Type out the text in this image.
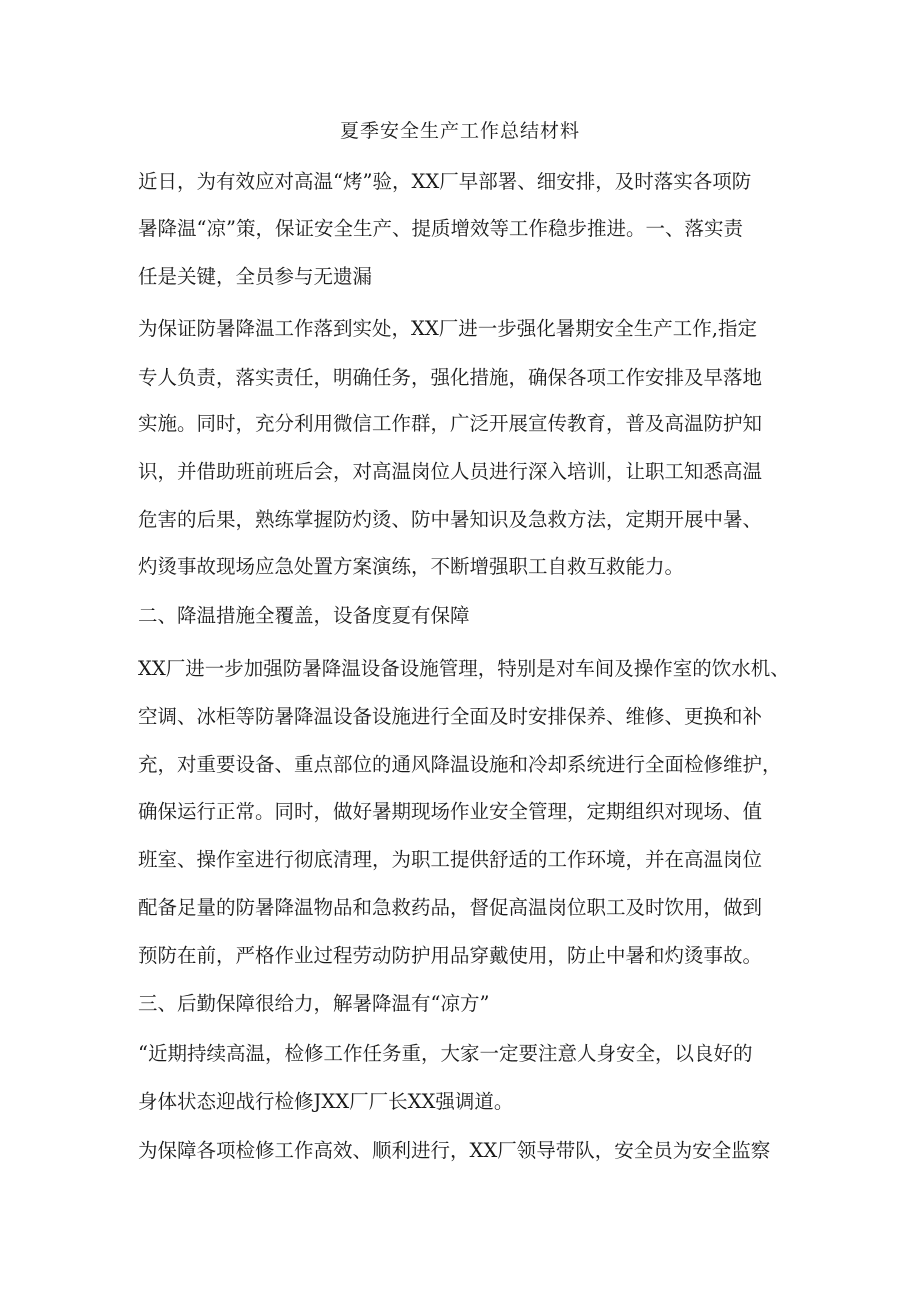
夏季安全生产工作总结材料
近日，为有效应对高温“烤”验，XX厂早部署、细安排，及时落实各项防
暑降温“凉”策，保证安全生产、提质增效等工作稳步推进。一、落实责
任是关键，全员参与无遗漏
为保证防暑降温工作落到实处，XX厂进一步强化暑期安全生产工作,指定
专人负责，落实责任，明确任务，强化措施，确保各项工作安排及早落地
实施。同时，充分利用微信工作群，广泛开展宣传教育，普及高温防护知
识，并借助班前班后会，对高温岗位人员进行深入培训，让职工知悉高温
危害的后果，熟练掌握防灼烫、防中暑知识及急救方法，定期开展中暑、
灼烫事故现场应急处置方案演练，不断增强职工自救互救能力。
二、降温措施全覆盖，设备度夏有保障
XX厂进一步加强防暑降温设备设施管理，特别是对车间及操作室的饮水机、
空调、冰柜等防暑降温设备设施进行全面及时安排保养、维修、更换和补
充，对重要设备、重点部位的通风降温设施和冷却系统进行全面检修维护，
确保运行正常。同时，做好暑期现场作业安全管理，定期组织对现场、值
班室、操作室进行彻底清理，为职工提供舒适的工作环境，并在高温岗位
配备足量的防暑降温物品和急救药品，督促高温岗位职工及时饮用，做到
预防在前，严格作业过程劳动防护用品穿戴使用，防止中暑和灼烫事故。
三、后勤保障很给力，解暑降温有“凉方”
“近期持续高温，检修工作任务重，大家一定要注意人身安全，以良好的
身体状态迎战行检修JXX厂厂长XX强调道。
为保障各项检修工作高效、顺利进行，XX厂领导带队，安全员为安全监察
